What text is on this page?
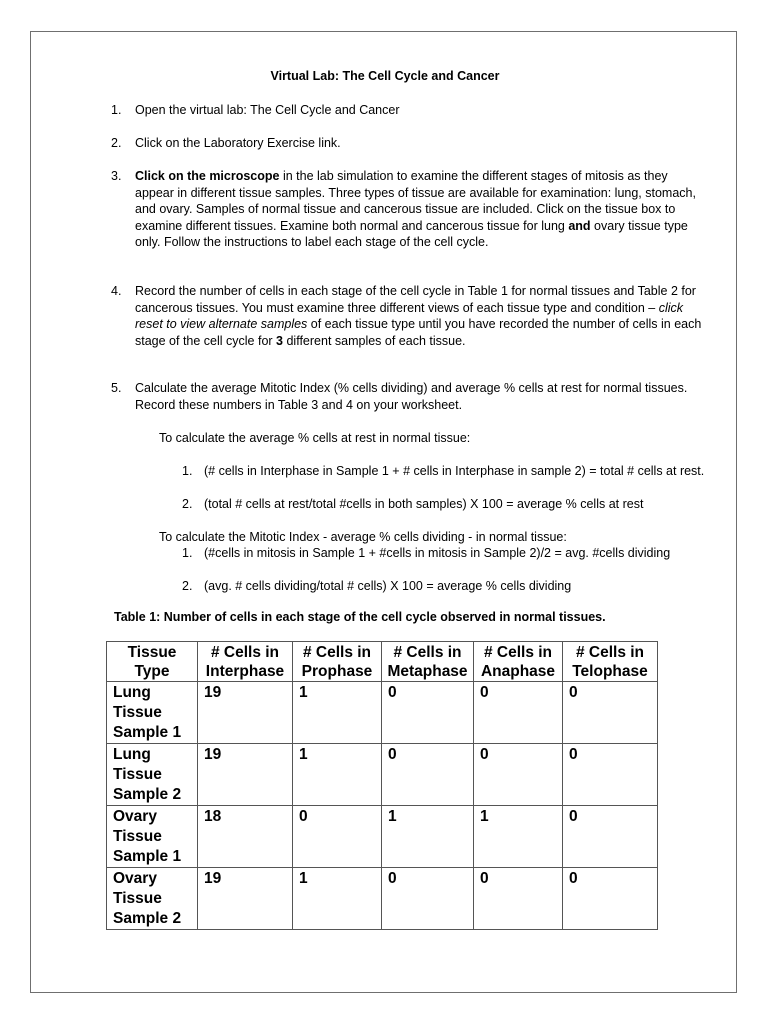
Virtual Lab: The Cell Cycle and Cancer
1. Open the virtual lab: The Cell Cycle and Cancer
2. Click on the Laboratory Exercise link.
3. Click on the microscope in the lab simulation to examine the different stages of mitosis as they appear in different tissue samples. Three types of tissue are available for examination: lung, stomach, and ovary. Samples of normal tissue and cancerous tissue are included. Click on the tissue box to examine different tissues. Examine both normal and cancerous tissue for lung and ovary tissue type only. Follow the instructions to label each stage of the cell cycle.
4. Record the number of cells in each stage of the cell cycle in Table 1 for normal tissues and Table 2 for cancerous tissues. You must examine three different views of each tissue type and condition – click reset to view alternate samples of each tissue type until you have recorded the number of cells in each stage of the cell cycle for 3 different samples of each tissue.
5. Calculate the average Mitotic Index (% cells dividing) and average % cells at rest for normal tissues. Record these numbers in Table 3 and 4 on your worksheet.
To calculate the average % cells at rest in normal tissue:
1. (# cells in Interphase in Sample 1 + # cells in Interphase in sample 2) = total # cells at rest.
2. (total # cells at rest/total #cells in both samples) X 100 = average % cells at rest
To calculate the Mitotic Index - average % cells dividing - in normal tissue:
1. (#cells in mitosis in Sample 1 + #cells in mitosis in Sample 2)/2 = avg. #cells dividing
2. (avg. # cells dividing/total # cells) X 100 = average % cells dividing
Table 1: Number of cells in each stage of the cell cycle observed in normal tissues.
Tissue Type	# Cells in Interphase	# Cells in Prophase	# Cells in Metaphase	# Cells in Anaphase	# Cells in Telophase
Lung Tissue Sample 1	19	1	0	0	0
Lung Tissue Sample 2	19	1	0	0	0
Ovary Tissue Sample 1	18	0	1	1	0
Ovary Tissue Sample 2	19	1	0	0	0
